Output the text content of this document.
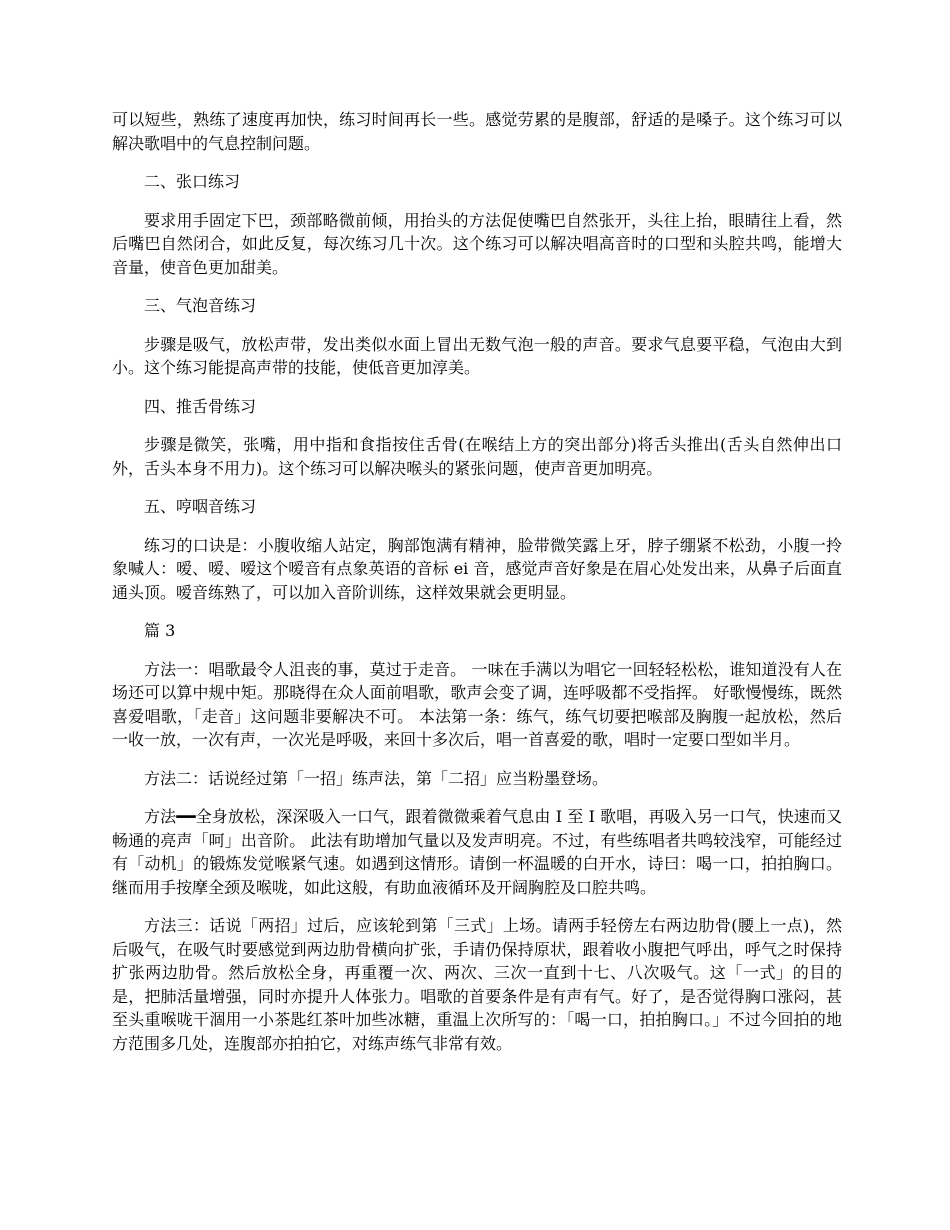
可以短些，熟练了速度再加快，练习时间再长一些。感觉劳累的是腹部，舒适的是嗓子。这个练习可以解决歌唱中的气息控制问题。

二、张口练习

要求用手固定下巴，颈部略微前倾，用抬头的方法促使嘴巴自然张开，头往上抬，眼睛往上看，然后嘴巴自然闭合，如此反复，每次练习几十次。这个练习可以解决唱高音时的口型和头腔共鸣，能增大音量，使音色更加甜美。

三、气泡音练习

步骤是吸气，放松声带，发出类似水面上冒出无数气泡一般的声音。要求气息要平稳，气泡由大到小。这个练习能提高声带的技能，使低音更加淳美。

四、推舌骨练习

步骤是微笑，张嘴，用中指和食指按住舌骨(在喉结上方的突出部分)将舌头推出(舌头自然伸出口外，舌头本身不用力)。这个练习可以解决喉头的紧张问题，使声音更加明亮。

五、哼咽音练习

练习的口诀是：小腹收缩人站定，胸部饱满有精神，脸带微笑露上牙，脖子绷紧不松劲，小腹一拎象喊人：嗳、嗳、嗳这个嗳音有点象英语的音标 ei 音，感觉声音好象是在眉心处发出来，从鼻子后面直通头顶。嗳音练熟了，可以加入音阶训练，这样效果就会更明显。

篇 3

方法一：唱歌最令人沮丧的事，莫过于走音。 一味在手满以为唱它一回轻轻松松，谁知道没有人在场还可以算中规中矩。那晓得在众人面前唱歌，歌声会变了调，连呼吸都不受指挥。 好歌慢慢练，既然喜爱唱歌，「走音」这问题非要解决不可。 本法第一条：练气，练气切要把喉部及胸腹一起放松，然后一收一放，一次有声，一次光是呼吸，来回十多次后，唱一首喜爱的歌，唱时一定要口型如半月。

方法二：话说经过第「一招」练声法，第「二招」应当粉墨登场。

方法━━全身放松，深深吸入一口气，跟着微微乘着气息由 I 至 I 歌唱，再吸入另一口气，快速而又畅通的亮声「呵」出音阶。 此法有助增加气量以及发声明亮。不过，有些练唱者共鸣较浅窄，可能经过有「动机」的锻炼发觉喉紧气速。如遇到这情形。请倒一杯温暖的白开水，诗曰：喝一口，拍拍胸口。继而用手按摩全颈及喉咙，如此这般，有助血液循环及开阔胸腔及口腔共鸣。

方法三：话说「两招」过后，应该轮到第「三式」上场。请两手轻傍左右两边肋骨(腰上一点)，然后吸气，在吸气时要感觉到两边肋骨横向扩张，手请仍保持原状，跟着收小腹把气呼出，呼气之时保持扩张两边肋骨。然后放松全身，再重覆一次、两次、三次一直到十七、八次吸气。这「一式」的目的是，把肺活量增强，同时亦提升人体张力。唱歌的首要条件是有声有气。好了，是否觉得胸口涨闷，甚至头重喉咙干涸用一小茶匙红茶叶加些冰糖，重温上次所写的：「喝一口，拍拍胸口。」不过今回拍的地方范围多几处，连腹部亦拍拍它，对练声练气非常有效。
